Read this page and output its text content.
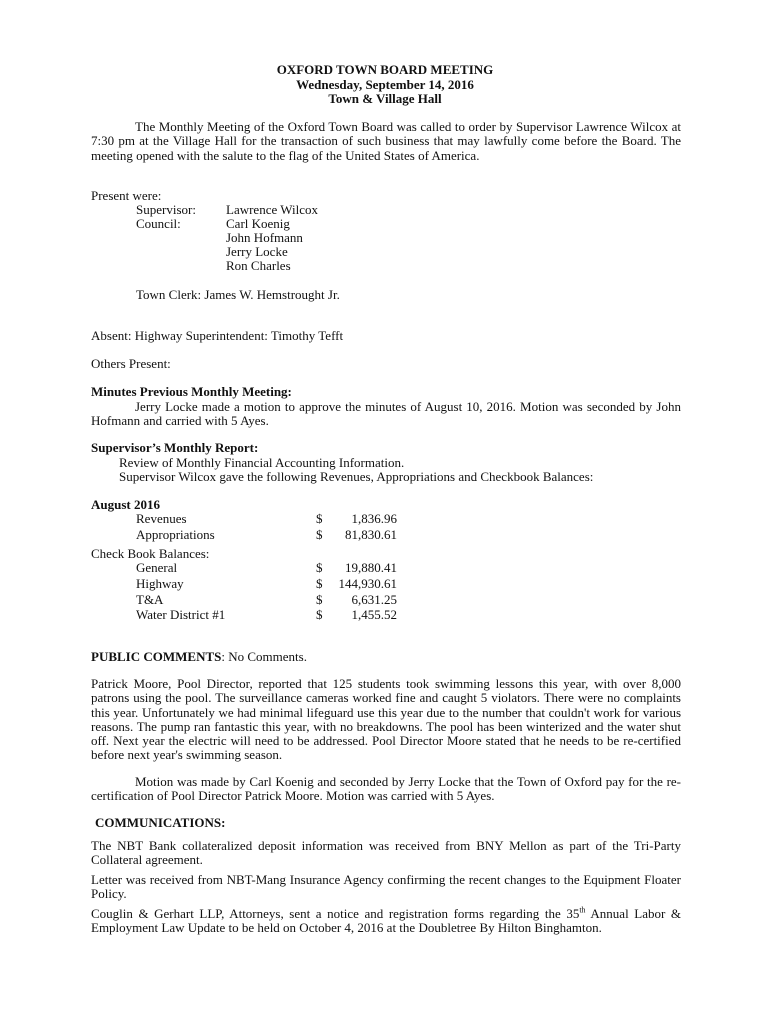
OXFORD TOWN BOARD MEETING
Wednesday, September 14, 2016
Town & Village Hall
The Monthly Meeting of the Oxford Town Board was called to order by Supervisor Lawrence Wilcox at 7:30 pm at the Village Hall for the transaction of such business that may lawfully come before the Board. The meeting opened with the salute to the flag of the United States of America.
Present were:
Supervisor: Lawrence Wilcox
Council:	Carl Koenig
John Hofmann
Jerry Locke
Ron Charles
Town Clerk: James W. Hemstrought Jr.
Absent: Highway Superintendent: Timothy Tefft
Others Present:
Minutes Previous Monthly Meeting:
Jerry Locke made a motion to approve the minutes of August 10, 2016. Motion was seconded by John Hofmann and carried with 5 Ayes.
Supervisor’s Monthly Report:
Review of Monthly Financial Accounting Information.
Supervisor Wilcox gave the following Revenues, Appropriations and Checkbook Balances:
August 2016
Revenues	$ 1,836.96
Appropriations	$ 81,830.61
Check Book Balances:
General	$ 19,880.41
Highway	$ 144,930.61
T&A	$ 6,631.25
Water District #1	$ 1,455.52
PUBLIC COMMENTS: No Comments.
Patrick Moore, Pool Director, reported that 125 students took swimming lessons this year, with over 8,000 patrons using the pool. The surveillance cameras worked fine and caught 5 violators. There were no complaints this year. Unfortunately we had minimal lifeguard use this year due to the number that couldn't work for various reasons. The pump ran fantastic this year, with no breakdowns. The pool has been winterized and the water shut off. Next year the electric will need to be addressed. Pool Director Moore stated that he needs to be re-certified before next year's swimming season.
Motion was made by Carl Koenig and seconded by Jerry Locke that the Town of Oxford pay for the re-certification of Pool Director Patrick Moore. Motion was carried with 5 Ayes.
COMMUNICATIONS:
The NBT Bank collateralized deposit information was received from BNY Mellon as part of the Tri-Party Collateral agreement.
Letter was received from NBT-Mang Insurance Agency confirming the recent changes to the Equipment Floater Policy.
Couglin & Gerhart LLP, Attorneys, sent a notice and registration forms regarding the 35th Annual Labor & Employment Law Update to be held on October 4, 2016 at the Doubletree By Hilton Binghamton.
